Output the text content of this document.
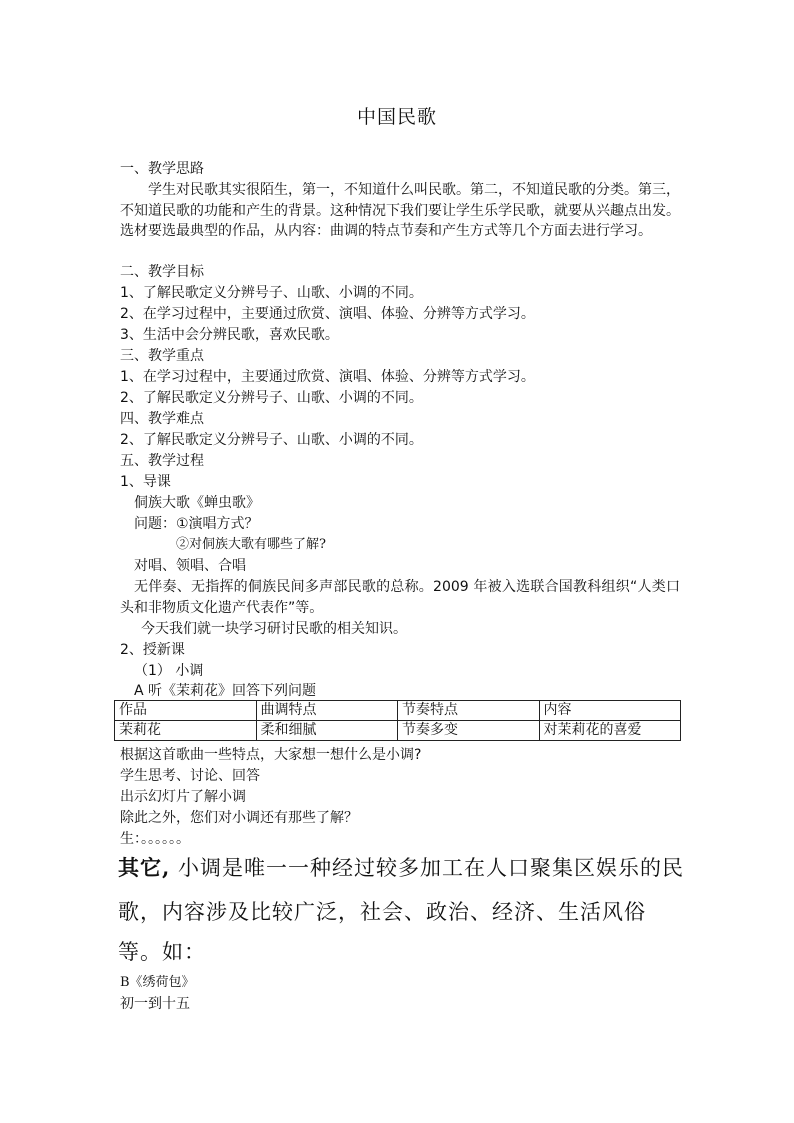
中国民歌
一、教学思路
学生对民歌其实很陌生，第一，不知道什么叫民歌。第二，不知道民歌的分类。第三，不知道民歌的功能和产生的背景。这种情况下我们要让学生乐学民歌，就要从兴趣点出发。选材要选最典型的作品，从内容：曲调的特点节奏和产生方式等几个方面去进行学习。
二、教学目标
1、了解民歌定义分辨号子、山歌、小调的不同。
2、在学习过程中，主要通过欣赏、演唱、体验、分辨等方式学习。
3、生活中会分辨民歌，喜欢民歌。
三、教学重点
1、在学习过程中，主要通过欣赏、演唱、体验、分辨等方式学习。
2、了解民歌定义分辨号子、山歌、小调的不同。
四、教学难点
2、了解民歌定义分辨号子、山歌、小调的不同。
五、教学过程
1、导课
侗族大歌《蝉虫歌》
问题：①演唱方式？
②对侗族大歌有哪些了解?
对唱、领唱、合唱
无伴奏、无指挥的侗族民间多声部民歌的总称。2009 年被入选联合国教科组织“人类口头和非物质文化遗产代表作”等。
今天我们就一块学习研讨民歌的相关知识。
2、授新课
（1） 小调
A 听《茉莉花》回答下列问题
作品	曲调特点	节奏特点	内容
茉莉花	柔和细腻	节奏多变	对茉莉花的喜爱
根据这首歌曲一些特点，大家想一想什么是小调?
学生思考、讨论、回答
出示幻灯片了解小调
除此之外，您们对小调还有那些了解？
生：。。。。。。
其它, 小调是唯一一种经过较多加工在人口聚集区娱乐的民
歌，内容涉及比较广泛，社会、政治、经济、生活风俗
等。如：
B《绣荷包》
初一到十五
